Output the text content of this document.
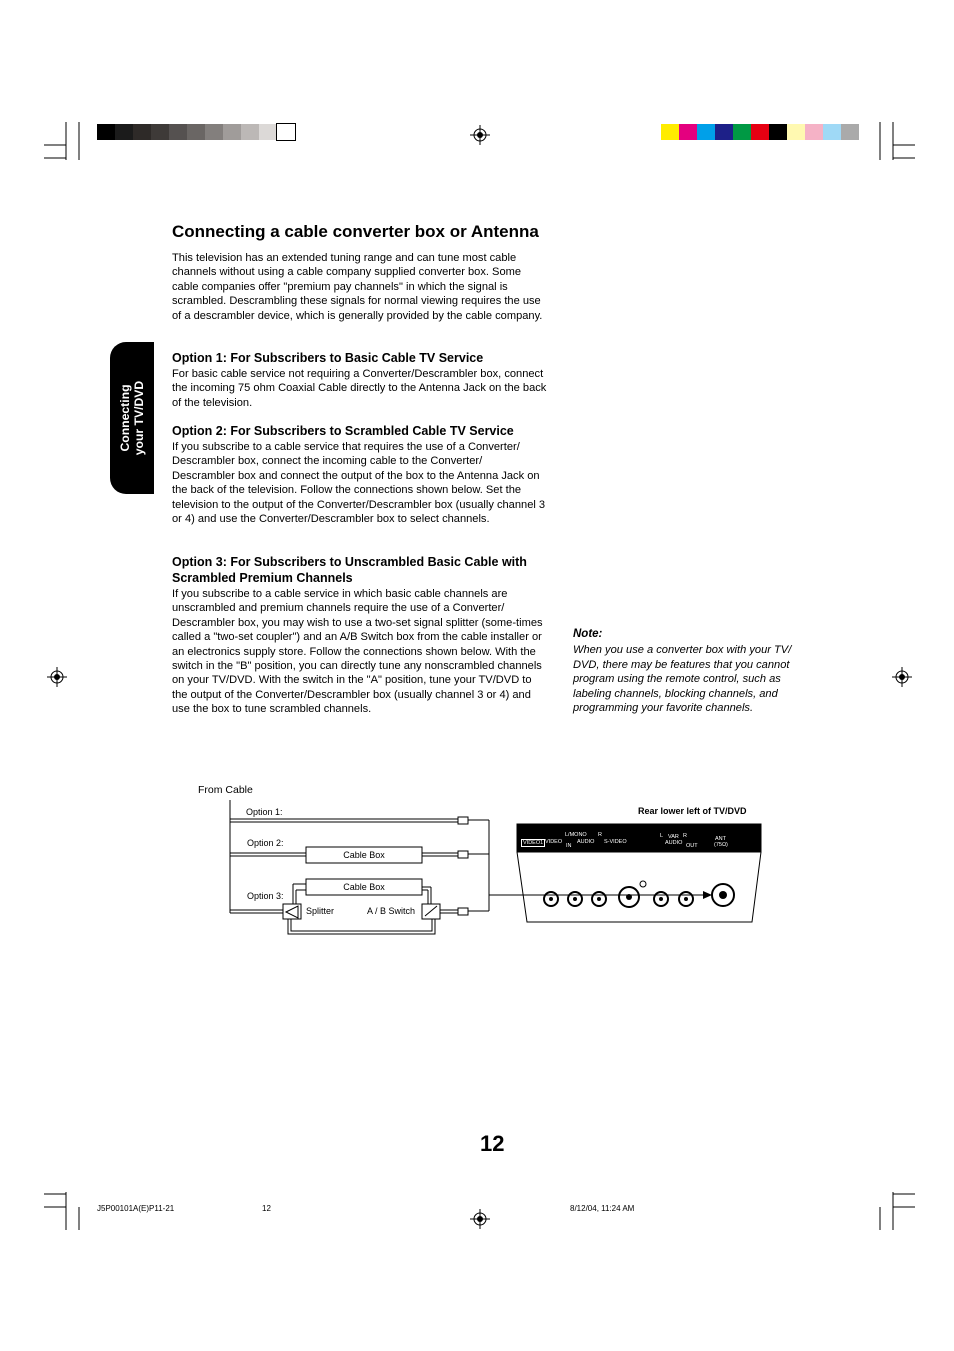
Connecting a cable converter box or Antenna
This television has an extended tuning range and can tune most cable channels without using a cable company supplied converter box. Some cable companies offer "premium pay channels" in which the signal is scrambled. Descrambling these signals for normal viewing requires the use of a descrambler device, which is generally provided by the cable company.
Connecting your TV/DVD
Option 1: For Subscribers to Basic Cable TV Service
For basic cable service not requiring a Converter/Descrambler box, connect the incoming 75 ohm Coaxial Cable directly to the Antenna Jack on the back of the television.
Option 2: For Subscribers to Scrambled Cable TV Service
If you subscribe to a cable service that requires the use of a Converter/ Descrambler box, connect the incoming cable to the Converter/ Descrambler box and connect the output of the box to the Antenna Jack on the back of the television. Follow the connections shown below. Set the television to the output of the Converter/Descrambler box (usually channel 3 or 4) and use the Converter/Descrambler box to select channels.
Option 3: For Subscribers to Unscrambled Basic Cable with Scrambled Premium Channels
If you subscribe to a cable service in which basic cable channels are unscrambled and premium channels require the use of a Converter/ Descrambler box, you may wish to use a two-set signal splitter (some-times called a "two-set coupler") and an A/B Switch box from the cable installer or an electronics supply store. Follow the connections shown below. With the switch in the "B" position, you can directly tune any nonscrambled channels on your TV/DVD. With the switch in the "A" position, tune your TV/DVD to the output of the Converter/Descrambler box (usually channel 3 or 4) and use the box to tune scrambled channels.
Note:
When you use a converter box with your TV/ DVD, there may be features that you cannot program using the remote control, such as labeling channels, blocking channels, and programming your favorite channels.
From Cable
Option 1:
Option 2:
Option 3:
Cable Box
Cable Box
Splitter	A / B Switch
Rear lower left of TV/DVD
VIDEO1 VIDEO
L/MONO R
IN
AUDIO S-VIDEO
L VAR R
AUDIO OUT
ANT
(75Ω)
12
J5P00101A(E)P11-21	12	8/12/04, 11:24 AM
